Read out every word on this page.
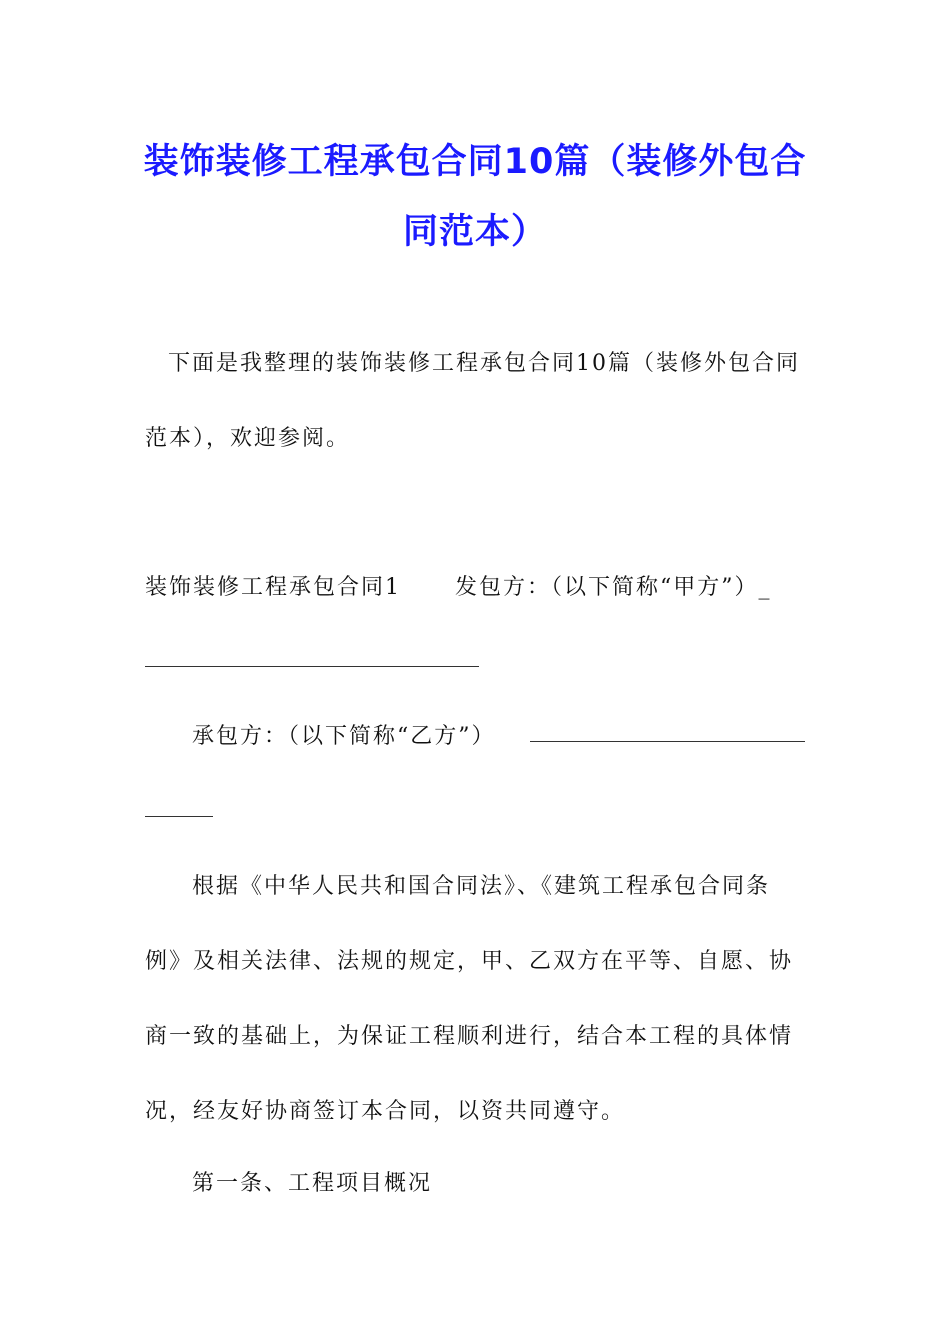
装饰装修工程承包合同10篇（装修外包合
同范本）
下面是我整理的装饰装修工程承包合同10篇（装修外包合同
范本），欢迎参阅。
装饰装修工程承包合同1 发包方：（以下简称“甲方”）_
承包方：（以下简称“乙方”）
根据《中华人民共和国合同法》、《建筑工程承包合同条
例》及相关法律、法规的规定，甲、乙双方在平等、自愿、协
商一致的基础上，为保证工程顺利进行，结合本工程的具体情
况，经友好协商签订本合同，以资共同遵守。
第一条、工程项目概况
